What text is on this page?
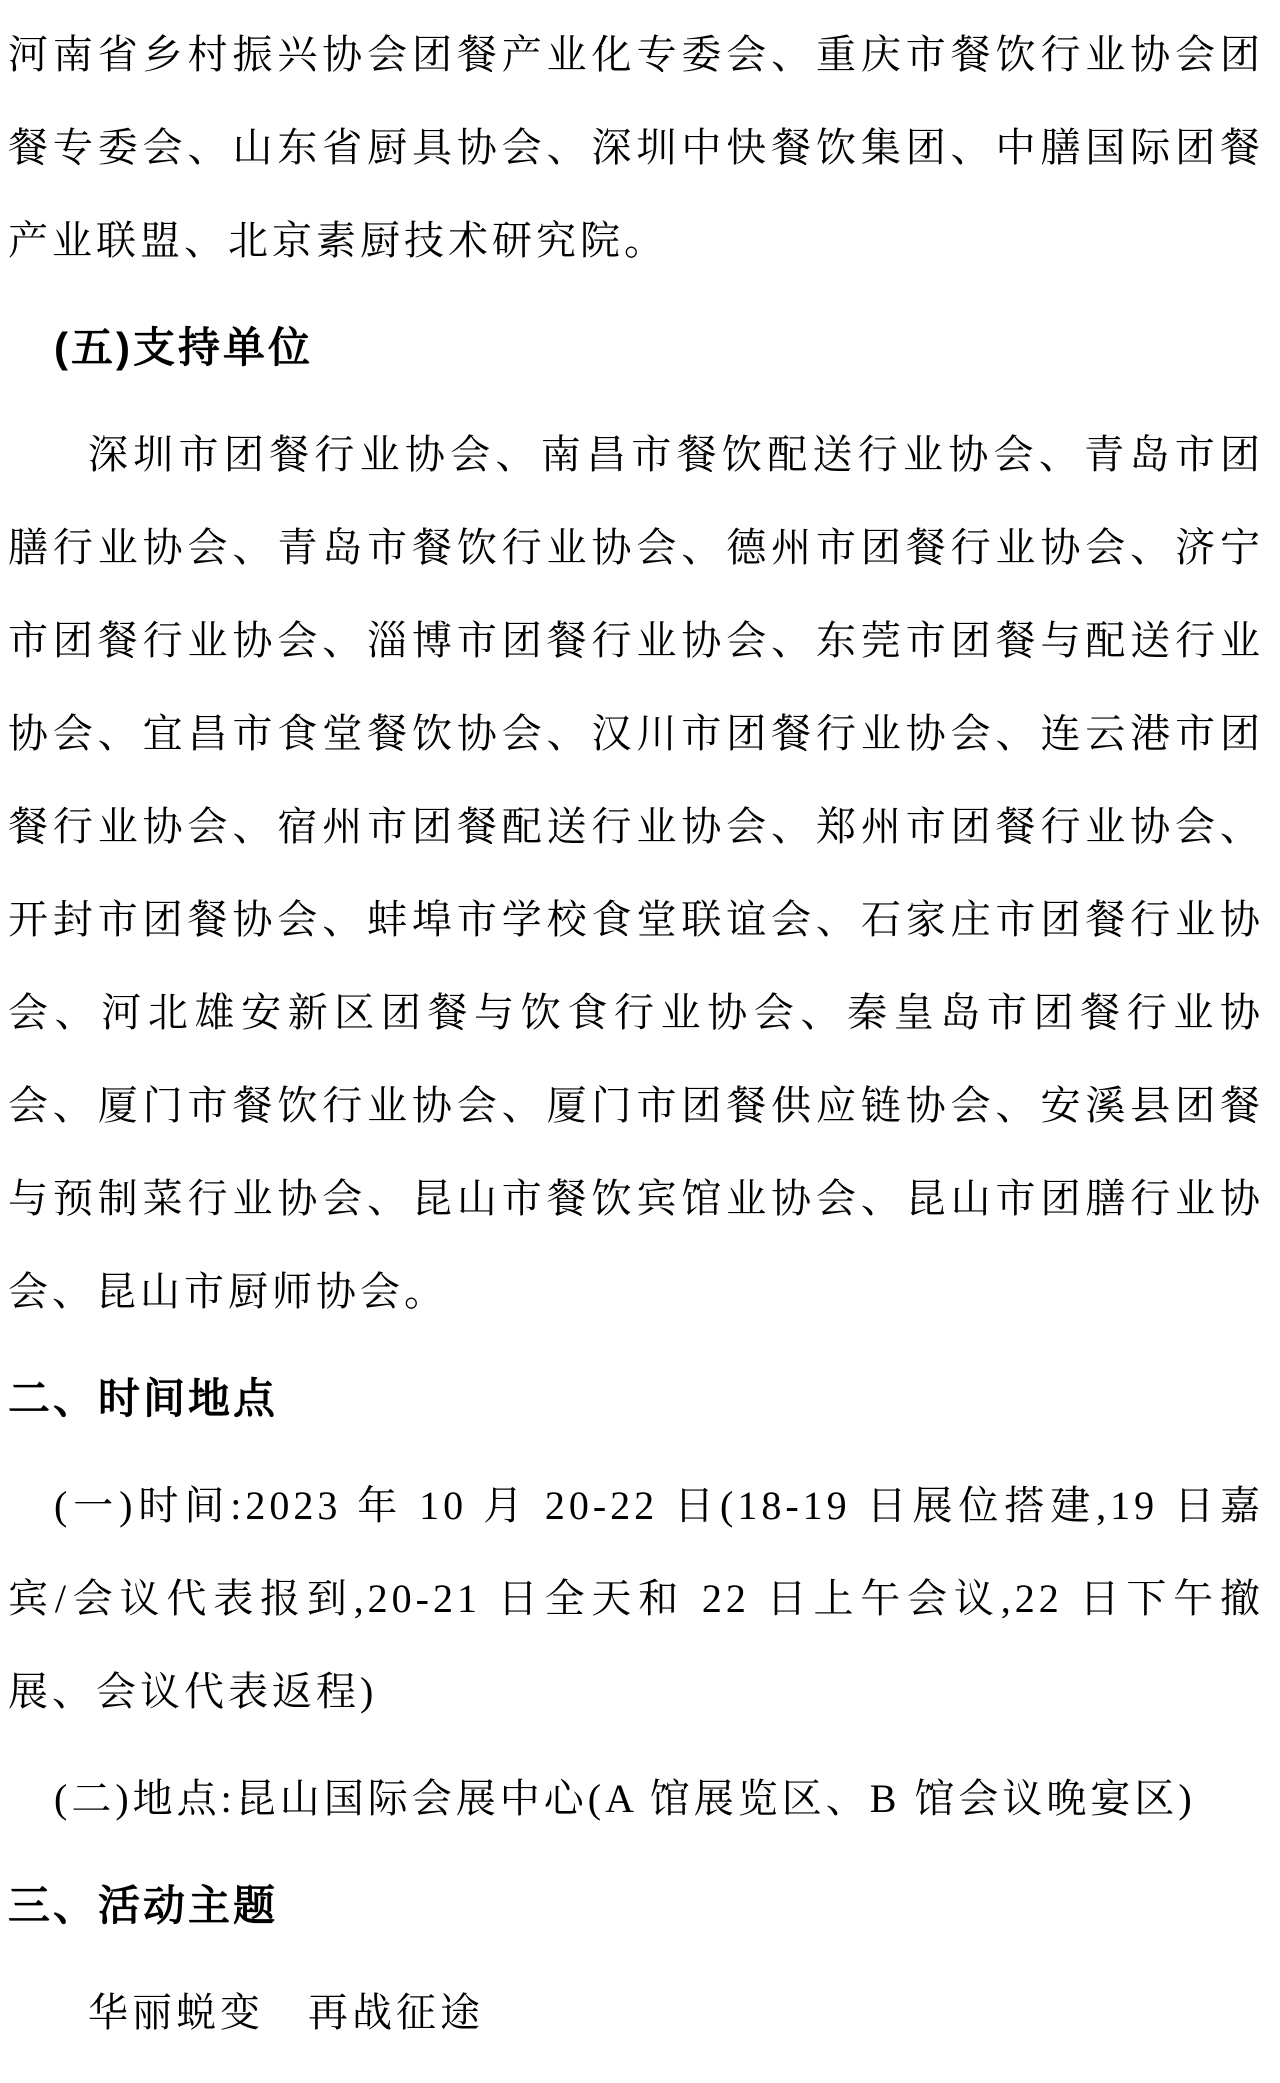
河南省乡村振兴协会团餐产业化专委会、重庆市餐饮行业协会团餐专委会、山东省厨具协会、深圳中快餐饮集团、中膳国际团餐产业联盟、北京素厨技术研究院。

(五)支持单位

深圳市团餐行业协会、南昌市餐饮配送行业协会、青岛市团膳行业协会、青岛市餐饮行业协会、德州市团餐行业协会、济宁市团餐行业协会、淄博市团餐行业协会、东莞市团餐与配送行业协会、宜昌市食堂餐饮协会、汉川市团餐行业协会、连云港市团餐行业协会、宿州市团餐配送行业协会、郑州市团餐行业协会、开封市团餐协会、蚌埠市学校食堂联谊会、石家庄市团餐行业协会、河北雄安新区团餐与饮食行业协会、秦皇岛市团餐行业协会、厦门市餐饮行业协会、厦门市团餐供应链协会、安溪县团餐与预制菜行业协会、昆山市餐饮宾馆业协会、昆山市团膳行业协会、昆山市厨师协会。

二、时间地点

(一)时间:2023 年 10 月 20-22 日(18-19 日展位搭建,19 日嘉宾/会议代表报到,20-21 日全天和 22 日上午会议,22 日下午撤展、会议代表返程)

(二)地点:昆山国际会展中心(A 馆展览区、B 馆会议晚宴区)

三、活动主题

华丽蜕变　再战征途
